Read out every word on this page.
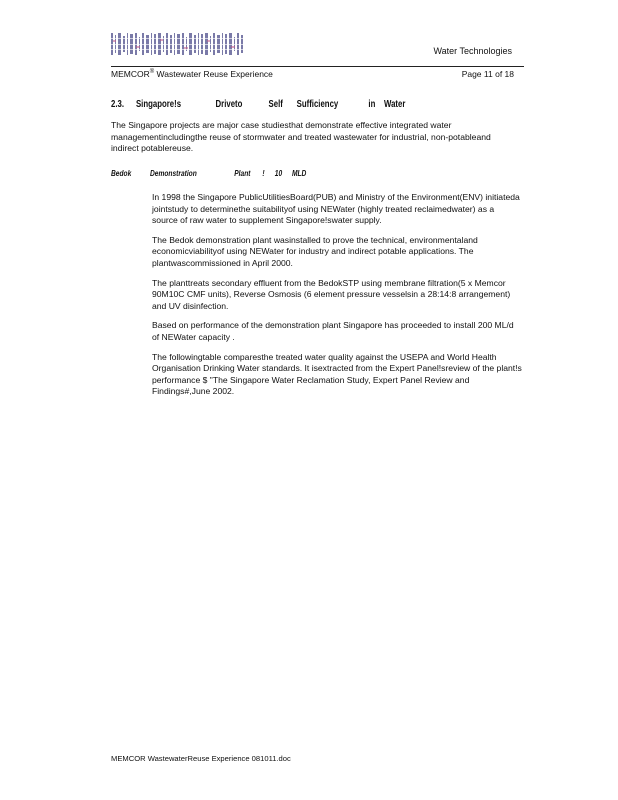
Water Technologies
MEMCOR® Wastewater Reuse Experience	Page 11 of 18
2.3. Singapore!s	Driveto	Self Sufficiency	in Water

The Singapore projects are major case studiesthat demonstrate effective integrated water managementincludingthe reuse of stormwater and treated wastewater for industrial, non-potableand indirect potablereuse.

Bedok Demonstration	Plant ! 10 MLD

In 1998 the Singapore PublicUtilitiesBoard(PUB) and Ministry of the Environment(ENV) initiateda jointstudy to determinethe suitabilityof using NEWater (highly treated reclaimedwater) as a source of raw water to supplement Singapore!swater supply.

The Bedok demonstration plant wasinstalled to prove the technical, environmentaland economicviabilityof using NEWater for industry and indirect potable applications. The plantwascommissioned in April 2000.

The planttreats secondary effluent from the BedokSTP using membrane filtration(5 x Memcor 90M10C CMF units), Reverse Osmosis (6 element pressure vesselsin a 28:14:8 arrangement) and UV disinfection.

Based on performance of the demonstration plant Singapore has proceeded to install 200 ML/d of NEWater capacity .

The followingtable comparesthe treated water quality against the USEPA and World Health Organisation Drinking Water standards. It isextracted from the Expert Panel!sreview of the plant!s performance $ "The Singapore Water Reclamation Study, Expert Panel Review and Findings#,June 2002.

MEMCOR WastewaterReuse Experience 081011.doc
